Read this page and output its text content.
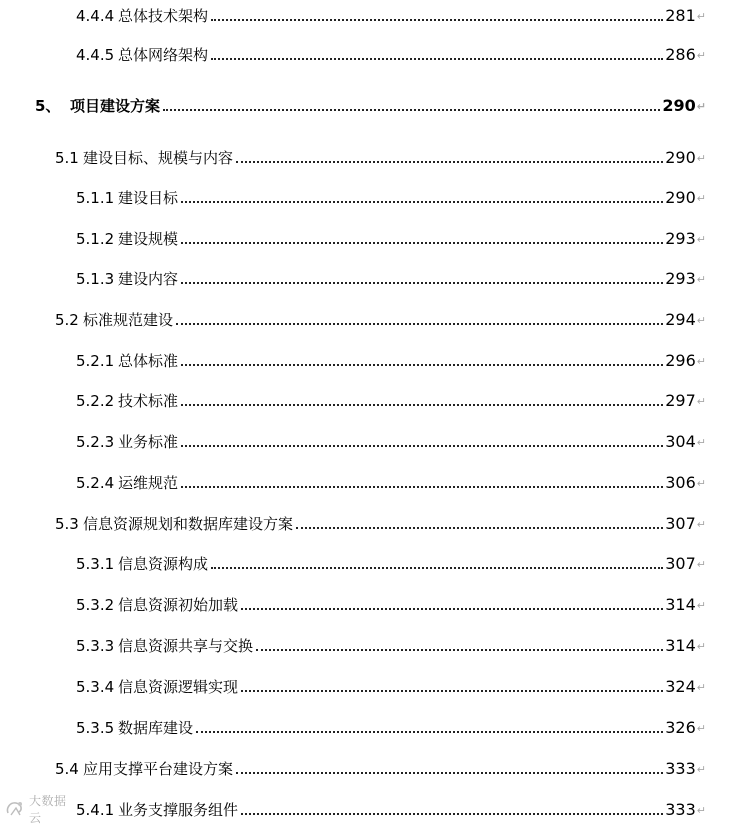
4.4.4 总体技术架构	281 ↵
4.4.5 总体网络架构	286 ↵
5、 项目建设方案	290 ↵
5.1 建设目标、规模与内容	290 ↵
5.1.1 建设目标	290 ↵
5.1.2 建设规模	293 ↵
5.1.3 建设内容	293 ↵
5.2 标准规范建设	294 ↵
5.2.1 总体标准	296 ↵
5.2.2 技术标准	297 ↵
5.2.3 业务标准	304 ↵
5.2.4 运维规范	306 ↵
5.3 信息资源规划和数据库建设方案	307 ↵
5.3.1 信息资源构成	307 ↵
5.3.2 信息资源初始加载	314 ↵
5.3.3 信息资源共享与交换	314 ↵
5.3.4 信息资源逻辑实现	324 ↵
5.3.5 数据库建设	326 ↵
5.4 应用支撑平台建设方案	333 ↵
5.4.1 业务支撑服务组件	333 ↵
大数据云
